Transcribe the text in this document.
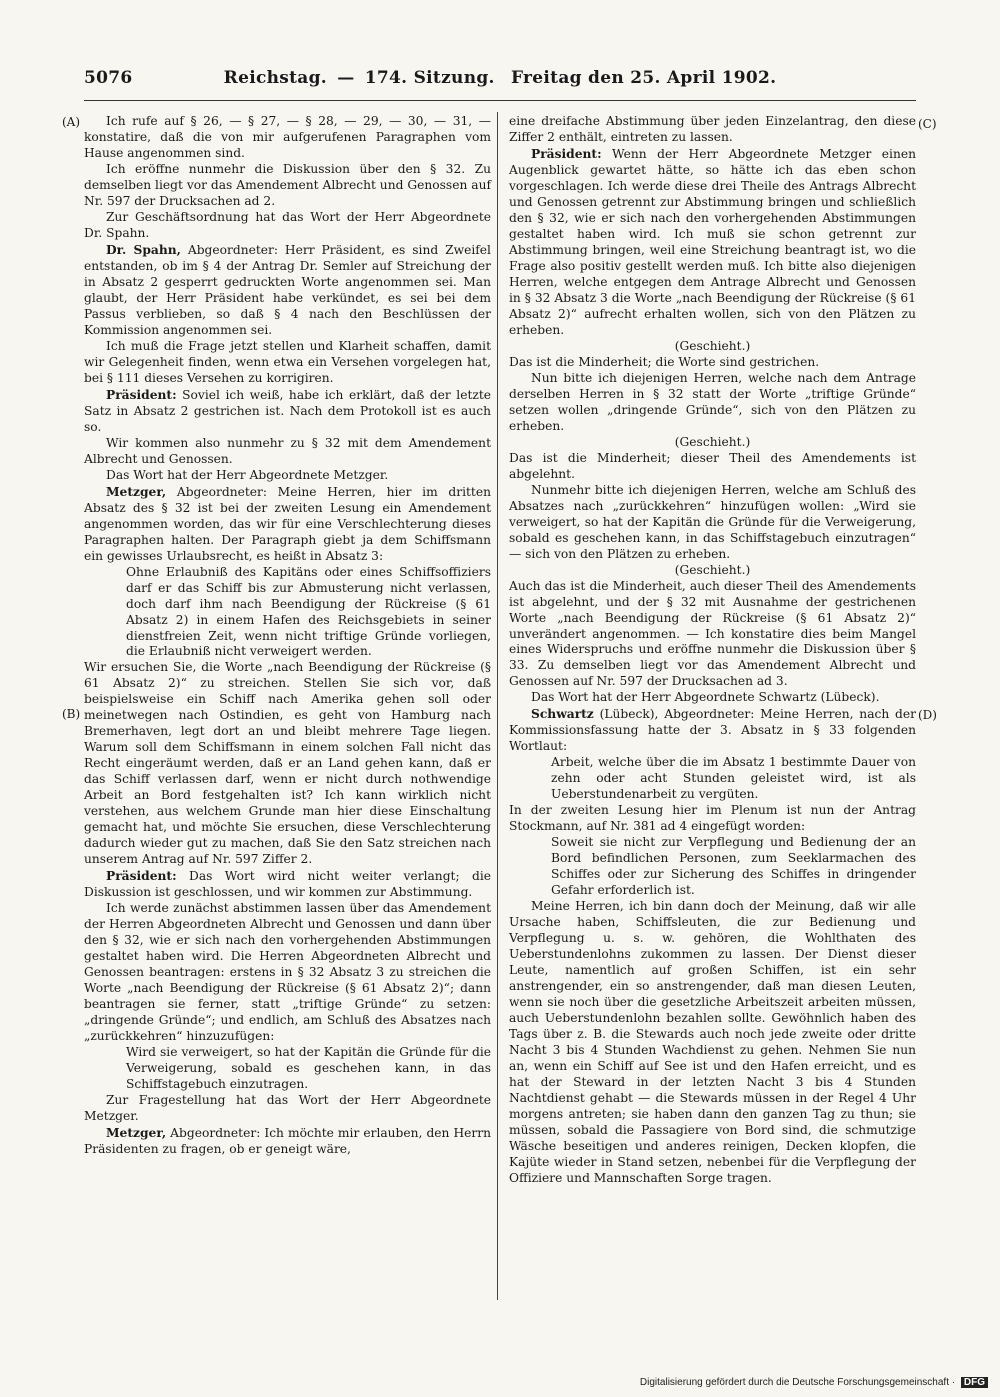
5076	Reichstag. — 174. Sitzung. Freitag den 25. April 1902.
(A)
(B)
(C)
(D)

Ich rufe auf § 26, — § 27, — § 28, — 29, — 30, — 31, — konstatire, daß die von mir aufgerufenen Paragraphen vom Hause angenommen sind.

Ich eröffne nunmehr die Diskussion über den § 32. Zu demselben liegt vor das Amendement Albrecht und Genossen auf Nr. 597 der Drucksachen ad 2.

Zur Geschäftsordnung hat das Wort der Herr Abgeordnete Dr. Spahn.

Dr. Spahn, Abgeordneter: Herr Präsident, es sind Zweifel entstanden, ob im § 4 der Antrag Dr. Semler auf Streichung der in Absatz 2 gesperrt gedruckten Worte angenommen sei. Man glaubt, der Herr Präsident habe verkündet, es sei bei dem Passus verblieben, so daß § 4 nach den Beschlüssen der Kommission angenommen sei.

Ich muß die Frage jetzt stellen und Klarheit schaffen, damit wir Gelegenheit finden, wenn etwa ein Versehen vorgelegen hat, bei § 111 dieses Versehen zu korrigiren.

Präsident: Soviel ich weiß, habe ich erklärt, daß der letzte Satz in Absatz 2 gestrichen ist. Nach dem Protokoll ist es auch so.

Wir kommen also nunmehr zu § 32 mit dem Amendement Albrecht und Genossen.

Das Wort hat der Herr Abgeordnete Metzger.

Metzger, Abgeordneter: Meine Herren, hier im dritten Absatz des § 32 ist bei der zweiten Lesung ein Amendement angenommen worden, das wir für eine Verschlechterung dieses Paragraphen halten. Der Paragraph giebt ja dem Schiffsmann ein gewisses Urlaubsrecht, es heißt in Absatz 3:

Ohne Erlaubniß des Kapitäns oder eines Schiffsoffiziers darf er das Schiff bis zur Abmusterung nicht verlassen, doch darf ihm nach Beendigung der Rückreise (§ 61 Absatz 2) in einem Hafen des Reichsgebiets in seiner dienstfreien Zeit, wenn nicht triftige Gründe vorliegen, die Erlaubniß nicht verweigert werden.

Wir ersuchen Sie, die Worte „nach Beendigung der Rückreise (§ 61 Absatz 2)“ zu streichen. Stellen Sie sich vor, daß beispielsweise ein Schiff nach Amerika gehen soll oder meinetwegen nach Ostindien, es geht von Hamburg nach Bremerhaven, legt dort an und bleibt mehrere Tage liegen. Warum soll dem Schiffsmann in einem solchen Fall nicht das Recht eingeräumt werden, daß er an Land gehen kann, daß er das Schiff verlassen darf, wenn er nicht durch nothwendige Arbeit an Bord festgehalten ist? Ich kann wirklich nicht verstehen, aus welchem Grunde man hier diese Einschaltung gemacht hat, und möchte Sie ersuchen, diese Verschlechterung dadurch wieder gut zu machen, daß Sie den Satz streichen nach unserem Antrag auf Nr. 597 Ziffer 2.

Präsident: Das Wort wird nicht weiter verlangt; die Diskussion ist geschlossen, und wir kommen zur Abstimmung.

Ich werde zunächst abstimmen lassen über das Amendement der Herren Abgeordneten Albrecht und Genossen und dann über den § 32, wie er sich nach den vorhergehenden Abstimmungen gestaltet haben wird. Die Herren Abgeordneten Albrecht und Genossen beantragen: erstens in § 32 Absatz 3 zu streichen die Worte „nach Beendigung der Rückreise (§ 61 Absatz 2)“; dann beantragen sie ferner, statt „triftige Gründe“ zu setzen: „dringende Gründe“; und endlich, am Schluß des Absatzes nach „zurückkehren“ hinzuzufügen:

Wird sie verweigert, so hat der Kapitän die Gründe für die Verweigerung, sobald es geschehen kann, in das Schiffstagebuch einzutragen.

Zur Fragestellung hat das Wort der Herr Abgeordnete Metzger.

Metzger, Abgeordneter: Ich möchte mir erlauben, den Herrn Präsidenten zu fragen, ob er geneigt wäre,

eine dreifache Abstimmung über jeden Einzelantrag, den diese Ziffer 2 enthält, eintreten zu lassen.

Präsident: Wenn der Herr Abgeordnete Metzger einen Augenblick gewartet hätte, so hätte ich das eben schon vorgeschlagen. Ich werde diese drei Theile des Antrags Albrecht und Genossen getrennt zur Abstimmung bringen und schließlich den § 32, wie er sich nach den vorhergehenden Abstimmungen gestaltet haben wird. Ich muß sie schon getrennt zur Abstimmung bringen, weil eine Streichung beantragt ist, wo die Frage also positiv gestellt werden muß. Ich bitte also diejenigen Herren, welche entgegen dem Antrage Albrecht und Genossen in § 32 Absatz 3 die Worte „nach Beendigung der Rückreise (§ 61 Absatz 2)“ aufrecht erhalten wollen, sich von den Plätzen zu erheben.

(Geschieht.)

Das ist die Minderheit; die Worte sind gestrichen.

Nun bitte ich diejenigen Herren, welche nach dem Antrage derselben Herren in § 32 statt der Worte „triftige Gründe“ setzen wollen „dringende Gründe“, sich von den Plätzen zu erheben.

(Geschieht.)

Das ist die Minderheit; dieser Theil des Amendements ist abgelehnt.

Nunmehr bitte ich diejenigen Herren, welche am Schluß des Absatzes nach „zurückkehren“ hinzufügen wollen: „Wird sie verweigert, so hat der Kapitän die Gründe für die Verweigerung, sobald es geschehen kann, in das Schiffstagebuch einzutragen“ — sich von den Plätzen zu erheben.

(Geschieht.)

Auch das ist die Minderheit, auch dieser Theil des Amendements ist abgelehnt, und der § 32 mit Ausnahme der gestrichenen Worte „nach Beendigung der Rückreise (§ 61 Absatz 2)“ unverändert angenommen. — Ich konstatire dies beim Mangel eines Widerspruchs und eröffne nunmehr die Diskussion über § 33. Zu demselben liegt vor das Amendement Albrecht und Genossen auf Nr. 597 der Drucksachen ad 3.

Das Wort hat der Herr Abgeordnete Schwartz (Lübeck).

Schwartz (Lübeck), Abgeordneter: Meine Herren, nach der Kommissionsfassung hatte der 3. Absatz in § 33 folgenden Wortlaut:

Arbeit, welche über die im Absatz 1 bestimmte Dauer von zehn oder acht Stunden geleistet wird, ist als Ueberstundenarbeit zu vergüten.

In der zweiten Lesung hier im Plenum ist nun der Antrag Stockmann, auf Nr. 381 ad 4 eingefügt worden:

Soweit sie nicht zur Verpflegung und Bedienung der an Bord befindlichen Personen, zum Seeklarmachen des Schiffes oder zur Sicherung des Schiffes in dringender Gefahr erforderlich ist.

Meine Herren, ich bin dann doch der Meinung, daß wir alle Ursache haben, Schiffsleuten, die zur Bedienung und Verpflegung u. s. w. gehören, die Wohlthaten des Ueberstundenlohns zukommen zu lassen. Der Dienst dieser Leute, namentlich auf großen Schiffen, ist ein sehr anstrengender, ein so anstrengender, daß man diesen Leuten, wenn sie noch über die gesetzliche Arbeitszeit arbeiten müssen, auch Ueberstundenlohn bezahlen sollte. Gewöhnlich haben des Tags über z. B. die Stewards auch noch jede zweite oder dritte Nacht 3 bis 4 Stunden Wachdienst zu gehen. Nehmen Sie nun an, wenn ein Schiff auf See ist und den Hafen erreicht, und es hat der Steward in der letzten Nacht 3 bis 4 Stunden Nachtdienst gehabt — die Stewards müssen in der Regel 4 Uhr morgens antreten; sie haben dann den ganzen Tag zu thun; sie müssen, sobald die Passagiere von Bord sind, die schmutzige Wäsche beseitigen und anderes reinigen, Decken klopfen, die Kajüte wieder in Stand setzen, nebenbei für die Verpflegung der Offiziere und Mannschaften Sorge tragen.

Digitalisierung gefördert durch die Deutsche Forschungsgemeinschaft · DFG
